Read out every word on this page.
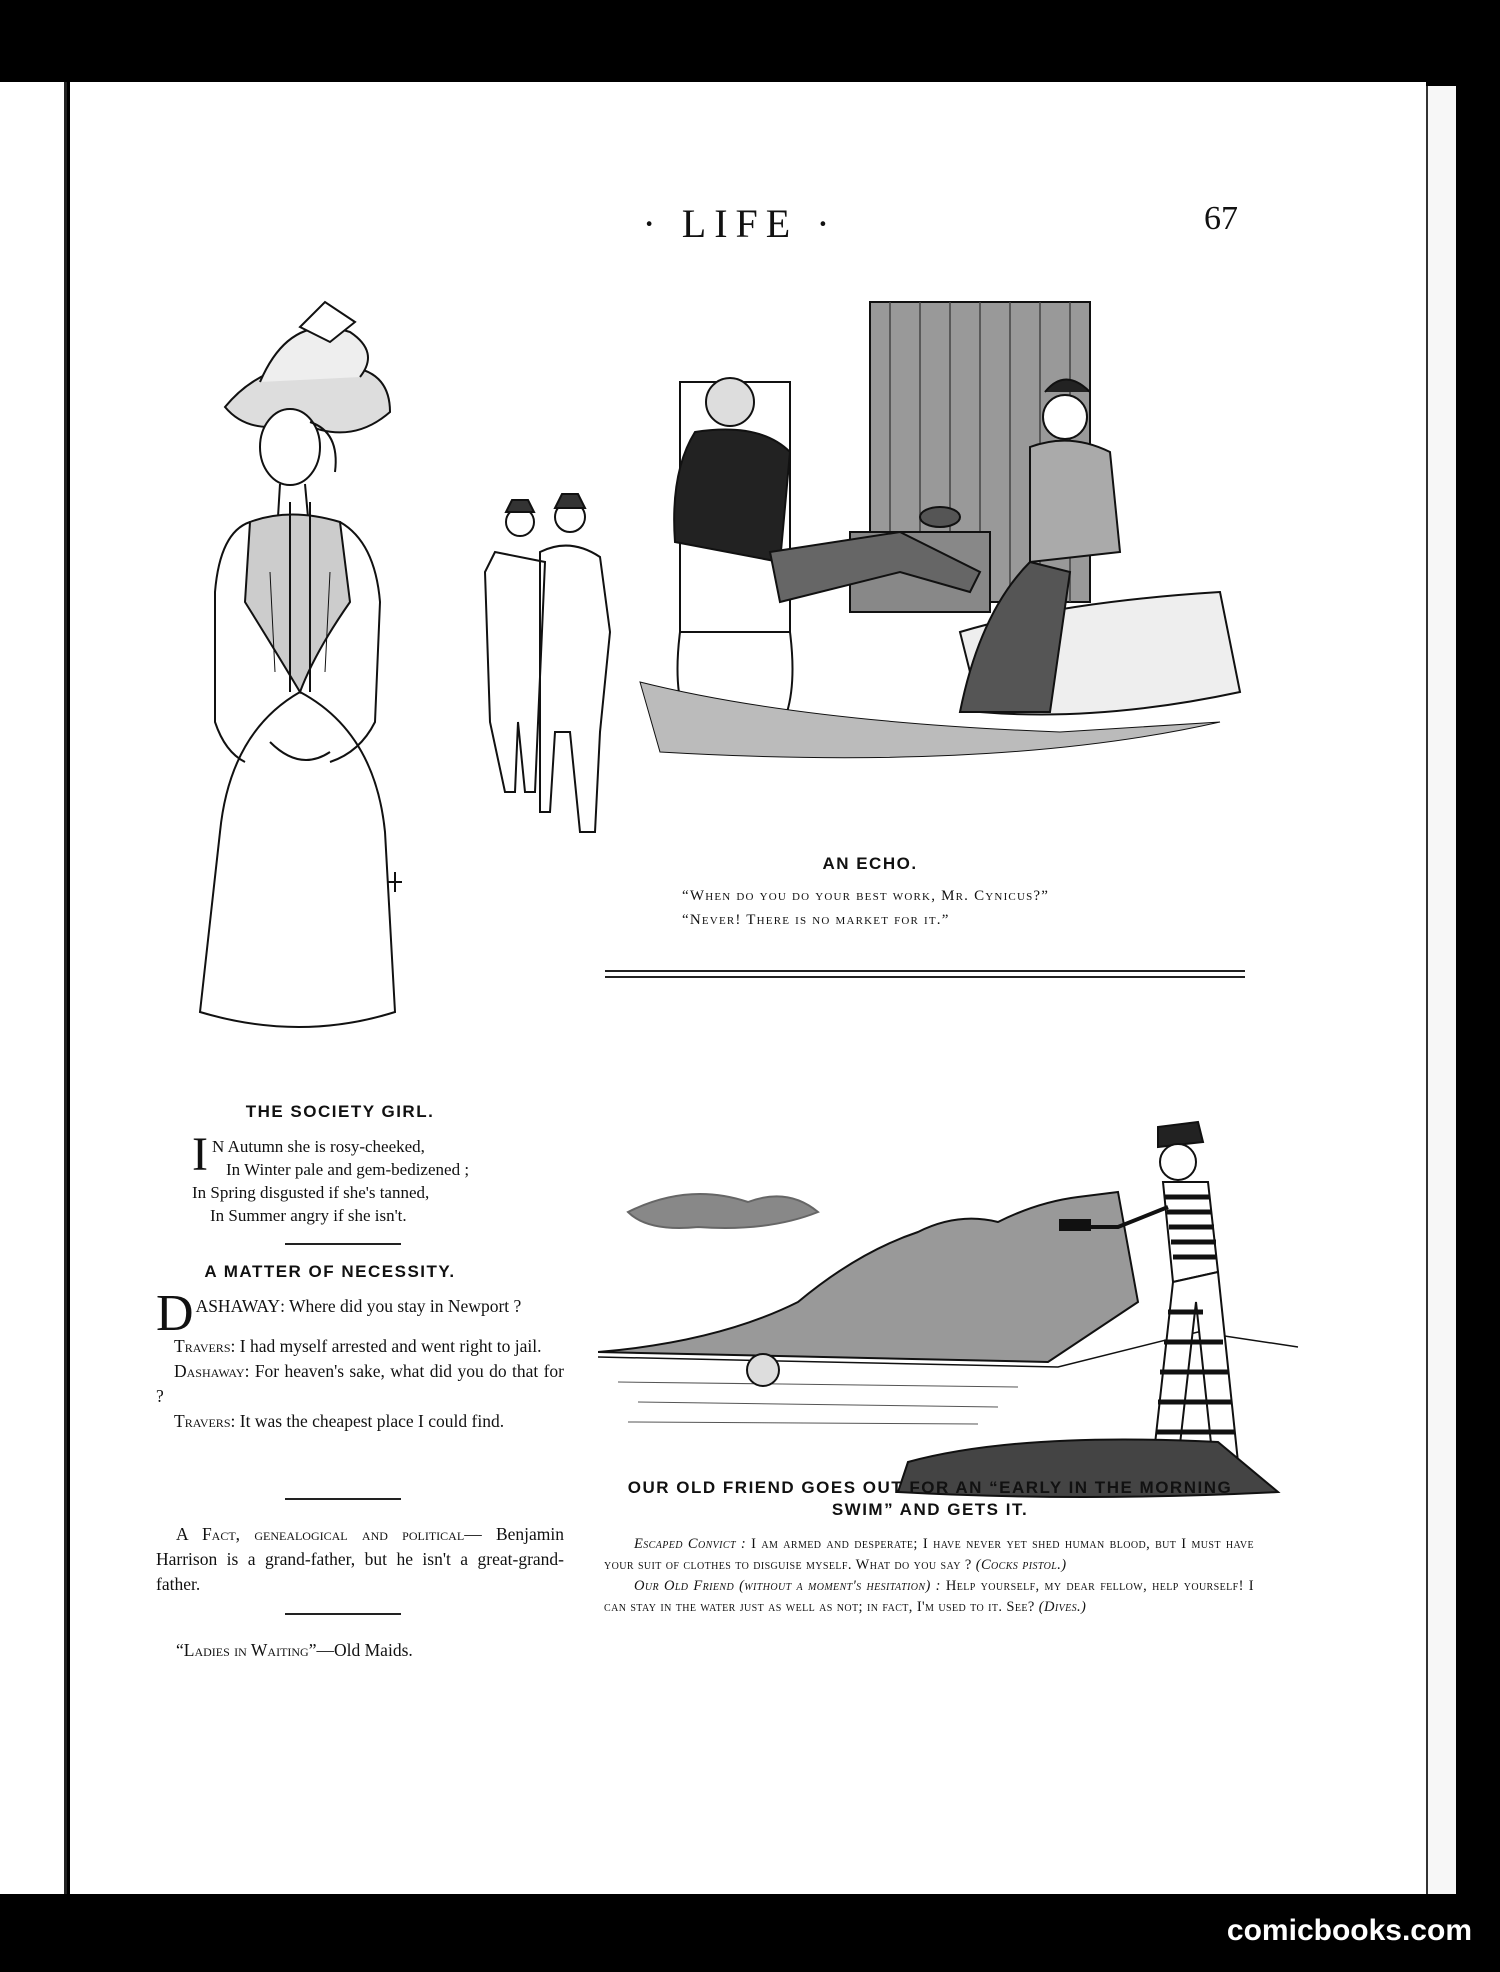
· LIFE ·	67
THE SOCIETY GIRL.
I N Autumn she is rosy-cheeked,
In Winter pale and gem-bedizened ;
In Spring disgusted if she's tanned,
In Summer angry if she isn't.
A MATTER OF NECESSITY.
DASHAWAY: Where did you stay in Newport ?
Travers: I had myself arrested and went right to jail.
Dashaway: For heaven's sake, what did you do that for ?
Travers: It was the cheapest place I could find.
A Fact, genealogical and political— Benjamin Harrison is a grand-father, but he isn't a great-grand-father.
“Ladies in Waiting”—Old Maids.
AN ECHO.
“When do you do your best work, Mr. Cynicus?”
“Never! There is no market for it.”
OUR OLD FRIEND GOES OUT FOR AN “EARLY IN THE MORNING
SWIM” AND GETS IT.
Escaped Convict : I am armed and desperate; I have never yet shed human blood, but I must have your suit of clothes to disguise myself. What do you say ? (Cocks pistol.)
Our Old Friend (without a moment's hesitation) : Help yourself, my dear fellow, help yourself! I can stay in the water just as well as not; in fact, I'm used to it. See? (Dives.)
comicbooks.com
